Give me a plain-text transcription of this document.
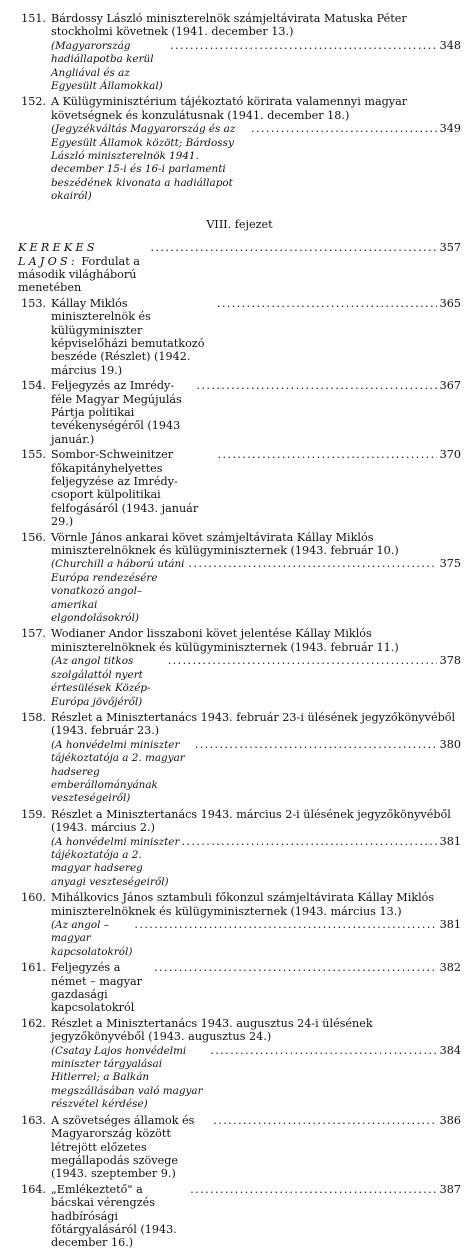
151. Bárdossy László miniszterelnök számjeltávirata Matuska Péter stockholmi követnek (1941. december 13.)
(Magyarország hadiállapotba kerül Angliával és az Egyesült Államokkal)
.....
348
152. A Külügyminisztérium tájékoztató körirata valamennyi magyar követségnek és konzulátusnak (1941. december 18.)
(Jegyzékváltás Magyarország és az Egyesült Államok között; Bárdossy László miniszterelnök 1941. december 15-i és 16-i parlamenti beszédének kivonata a hadiállapot okairól)
.....
349
VIII. fejezet
KEREKES LAJOS: Fordulat a második világháború menetében
.....
357
153. Kállay Miklós miniszterelnök és külügyminiszter képviselőházi bemutatkozó beszéde (Részlet) (1942. március 19.)
.....
365
154. Feljegyzés az Imrédy-féle Magyar Megújulás Pártja politikai tevékenységéről (1943 január.)
.....
367
155. Sombor-Schweinitzer főkapitányhelyettes feljegyzése az Imrédy-csoport külpolitikai felfogásáról (1943. január 29.)
.....
370
156. Vörnle János ankarai követ számjeltávirata Kállay Miklós miniszterelnöknek és külügyminiszternek (1943. február 10.)
(Churchill a háború utáni Európa rendezésére vonatkozó angol–amerikai elgondolásokról)
.....
375
157. Wodianer Andor lisszaboni követ jelentése Kállay Miklós miniszterelnöknek és külügyminiszternek (1943. február 11.)
(Az angol titkos szolgálattól nyert értesülések Közép-Európa jövőjéről)
.....
378
158. Részlet a Minisztertanács 1943. február 23-i ülésének jegyzőkönyvéből (1943. február 23.)
(A honvédelmi miniszter tájékoztatója a 2. magyar hadsereg emberállományának veszteségeiről)
.....
380
159. Részlet a Minisztertanács 1943. március 2-i ülésének jegyzőkönyvéből (1943. március 2.)
(A honvédelmi miniszter tájékoztatója a 2. magyar hadsereg anyagi veszteségeiről)
.....
381
160. Mihálkovics János sztambuli főkonzul számjeltávirata Kállay Miklós miniszterelnöknek és külügyminiszternek (1943. március 13.)
(Az angol – magyar kapcsolatokról)
.....
381
161. Feljegyzés a német – magyar gazdasági kapcsolatokról
.....
382
162. Részlet a Minisztertanács 1943. augusztus 24-i ülésének jegyzőkönyvéből (1943. augusztus 24.)
(Csatay Lajos honvédelmi miniszter tárgyalásai Hitlerrel; a Balkán megszállásában való magyar részvétel kérdése)
.....
384
163. A szövetséges államok és Magyarország között létrejött előzetes megállapodás szövege (1943. szeptember 9.)
.....
386
164. „Emlékeztető" a bácskai vérengzés hadbírósági főtárgyalásáról (1943. december 16.)
.....
387
